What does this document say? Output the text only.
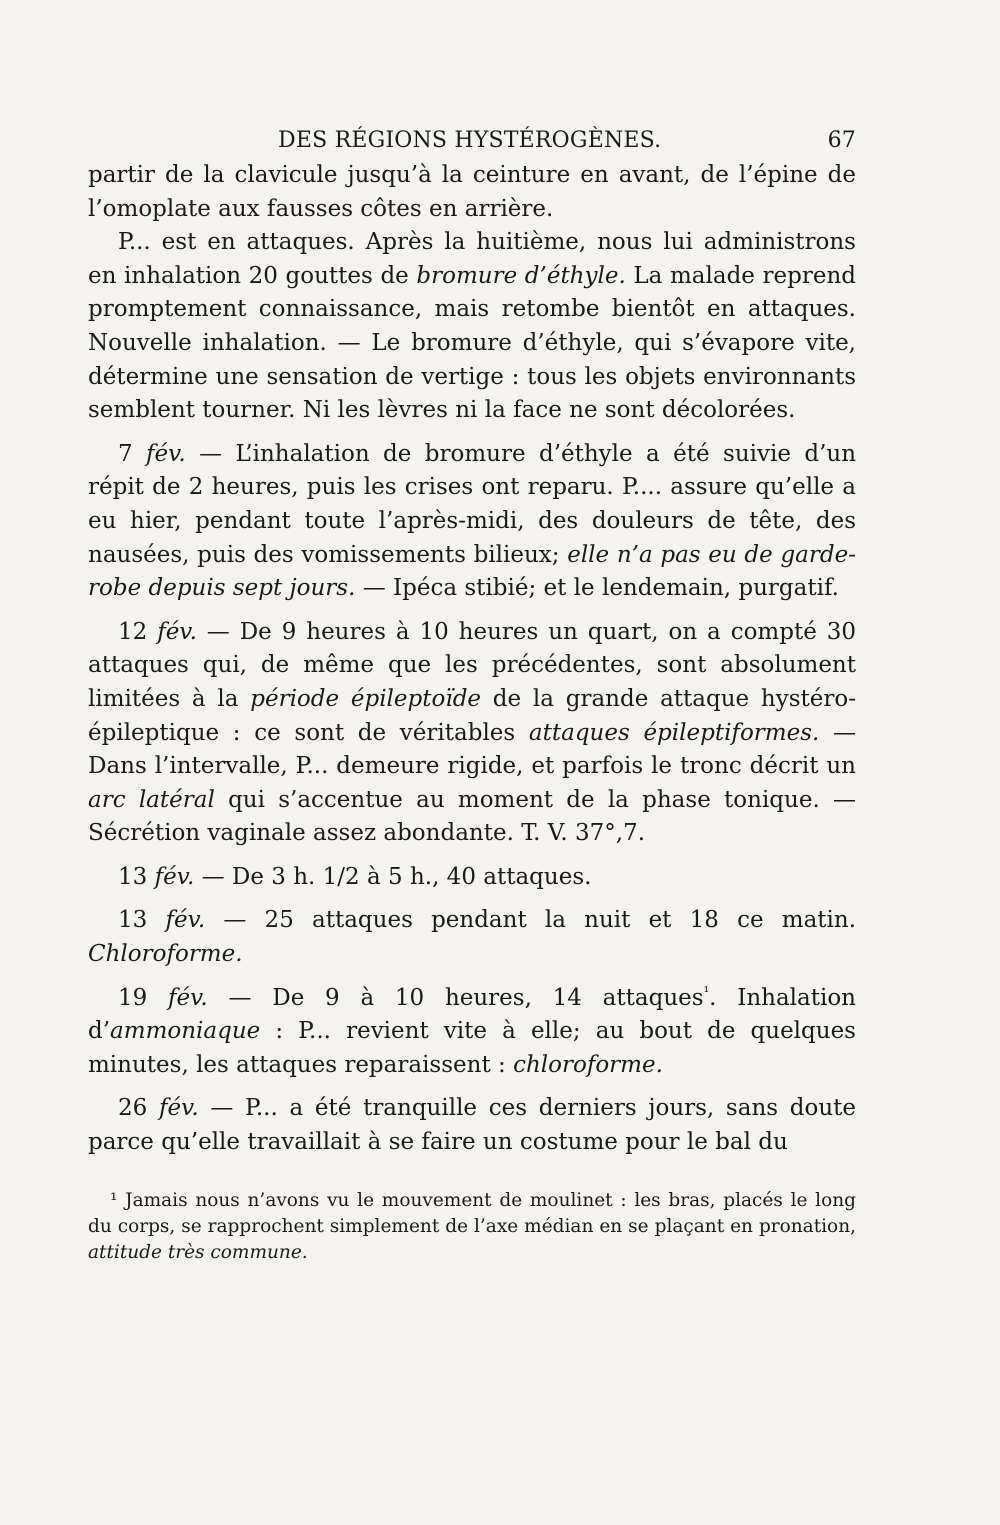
DES RÉGIONS HYSTÉROGÈNES.	67

partir de la clavicule jusqu’à la ceinture en avant, de l’épine de l’omoplate aux fausses côtes en arrière.

P... est en attaques. Après la huitième, nous lui administrons en inhalation 20 gouttes de bromure d’éthyle. La malade reprend promptement connaissance, mais retombe bientôt en attaques. Nouvelle inhalation. — Le bromure d’éthyle, qui s’évapore vite, détermine une sensation de vertige : tous les objets environnants semblent tourner. Ni les lèvres ni la face ne sont décolorées.

7 fév. — L’inhalation de bromure d’éthyle a été suivie d’un répit de 2 heures, puis les crises ont reparu. P.... assure qu’elle a eu hier, pendant toute l’après-midi, des douleurs de tête, des nausées, puis des vomissements bilieux; elle n’a pas eu de garde-robe depuis sept jours. — Ipéca stibié; et le lendemain, purgatif.

12 fév. — De 9 heures à 10 heures un quart, on a compté 30 attaques qui, de même que les précédentes, sont absolument limitées à la période épileptoïde de la grande attaque hystéro-épileptique : ce sont de véritables attaques épileptiformes. — Dans l’intervalle, P... demeure rigide, et parfois le tronc décrit un arc latéral qui s’accentue au moment de la phase tonique. — Sécrétion vaginale assez abondante. T. V. 37°,7.

13 fév. — De 3 h. 1/2 à 5 h., 40 attaques.

13 fév. — 25 attaques pendant la nuit et 18 ce matin. Chloroforme.

19 fév. — De 9 à 10 heures, 14 attaques$^{^1}$. Inhalation d’ammoniaque : P... revient vite à elle; au bout de quelques minutes, les attaques reparaissent : chloroforme.

26 fév. — P... a été tranquille ces derniers jours, sans doute parce qu’elle travaillait à se faire un costume pour le bal du

¹ Jamais nous n’avons vu le mouvement de moulinet : les bras, placés le long du corps, se rapprochent simplement de l’axe médian en se plaçant en pronation, attitude très commune.
